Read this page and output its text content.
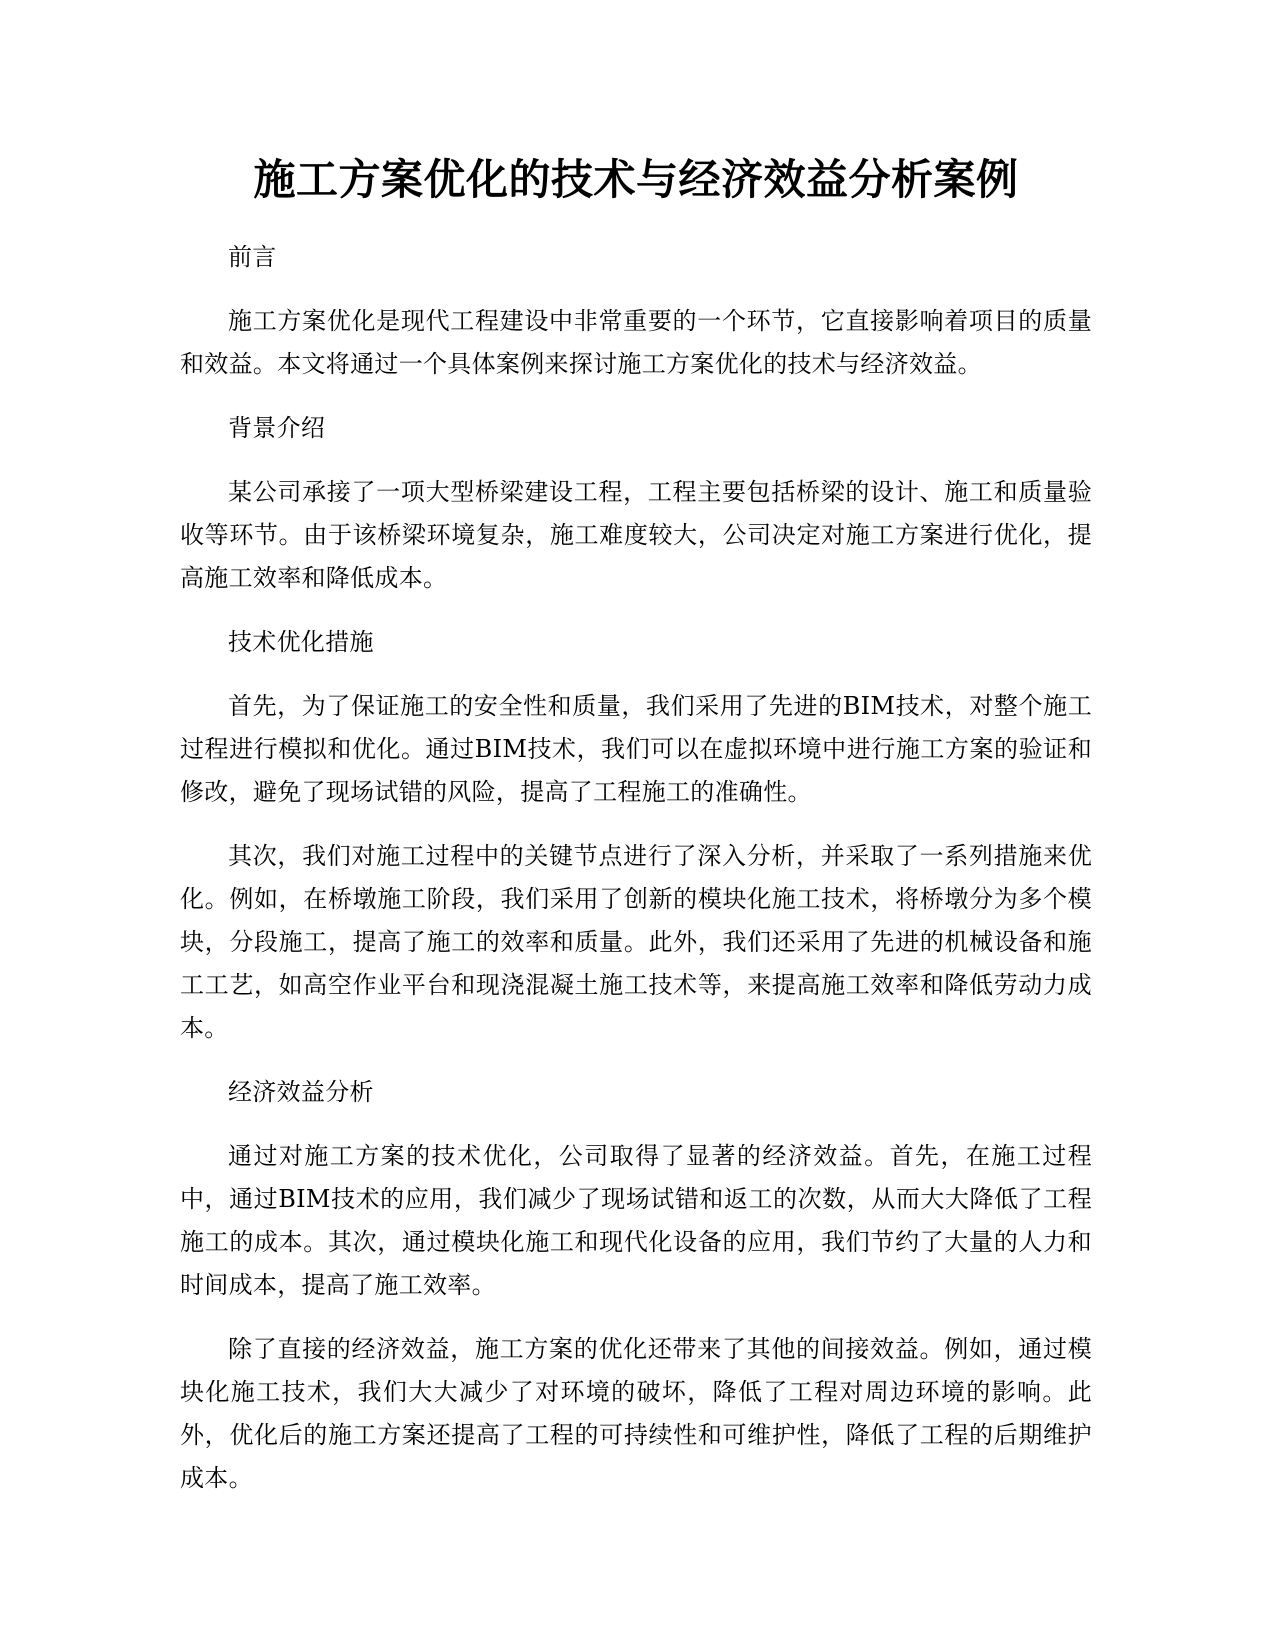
施工方案优化的技术与经济效益分析案例

前言

施工方案优化是现代工程建设中非常重要的一个环节，它直接影响着项目的质量和效益。本文将通过一个具体案例来探讨施工方案优化的技术与经济效益。

背景介绍

某公司承接了一项大型桥梁建设工程，工程主要包括桥梁的设计、施工和质量验收等环节。由于该桥梁环境复杂，施工难度较大，公司决定对施工方案进行优化，提高施工效率和降低成本。

技术优化措施

首先，为了保证施工的安全性和质量，我们采用了先进的BIM技术，对整个施工过程进行模拟和优化。通过BIM技术，我们可以在虚拟环境中进行施工方案的验证和修改，避免了现场试错的风险，提高了工程施工的准确性。

其次，我们对施工过程中的关键节点进行了深入分析，并采取了一系列措施来优化。例如，在桥墩施工阶段，我们采用了创新的模块化施工技术，将桥墩分为多个模块，分段施工，提高了施工的效率和质量。此外，我们还采用了先进的机械设备和施工工艺，如高空作业平台和现浇混凝土施工技术等，来提高施工效率和降低劳动力成本。

经济效益分析

通过对施工方案的技术优化，公司取得了显著的经济效益。首先，在施工过程中，通过BIM技术的应用，我们减少了现场试错和返工的次数，从而大大降低了工程施工的成本。其次，通过模块化施工和现代化设备的应用，我们节约了大量的人力和时间成本，提高了施工效率。

除了直接的经济效益，施工方案的优化还带来了其他的间接效益。例如，通过模块化施工技术，我们大大减少了对环境的破坏，降低了工程对周边环境的影响。此外，优化后的施工方案还提高了工程的可持续性和可维护性，降低了工程的后期维护成本。
